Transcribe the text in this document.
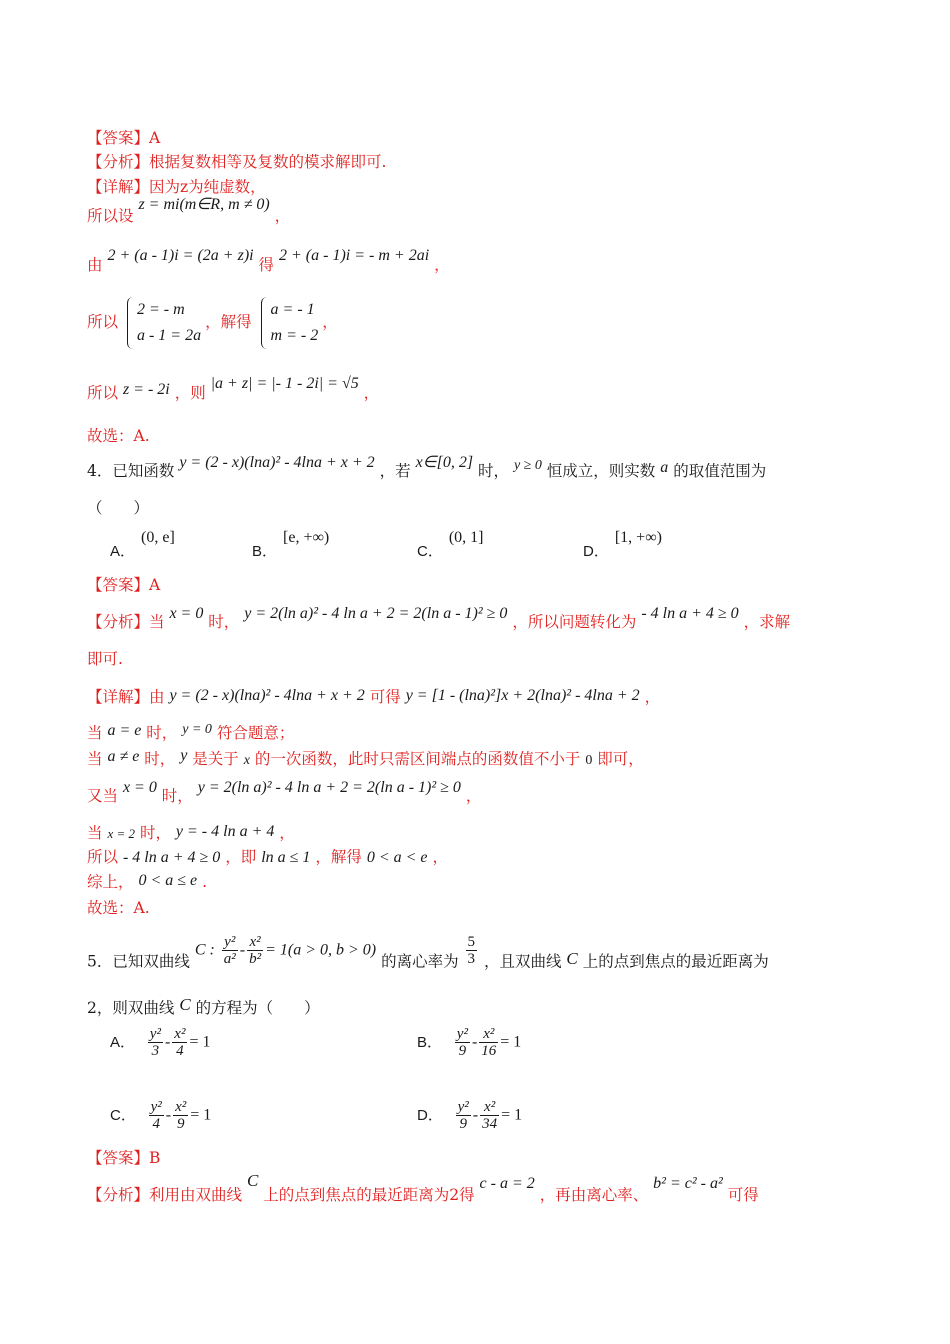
【答案】A
【分析】根据复数相等及复数的模求解即可.
【详解】因为z为纯虚数，
所以设 z = mi(m∈R, m ≠ 0) ，
由 2 + (a - 1)i = (2a + z)i 得 2 + (a - 1)i = - m + 2ai ，
所以
2 = - m
a - 1 = 2a
，解得
a = - 1
m = - 2
，
所以 z = - 2i ，则 |a + z| = |- 1 - 2i| = √5 ，
故选：A.
4．已知函数 y = (2 - x)(lna)² - 4lna + x + 2 ，若 x∈[0, 2] 时， y ≥ 0 恒成立，则实数 a 的取值范围为
（　　）
A．(0, e]
B．[e, +∞)
C．(0, 1]
D．[1, +∞)
【答案】A
【分析】当 x = 0 时， y = 2(ln a)² - 4 ln a + 2 = 2(ln a - 1)² ≥ 0 ，所以问题转化为 - 4 ln a + 4 ≥ 0 ，求解
即可.
【详解】由 y = (2 - x)(lna)² - 4lna + x + 2 可得 y = [1 - (lna)²]x + 2(lna)² - 4lna + 2 ，
当 a = e 时， y = 0 符合题意；
当 a ≠ e 时， y 是关于 x 的一次函数，此时只需区间端点的函数值不小于 0 即可，
又当 x = 0 时， y = 2(ln a)² - 4 ln a + 2 = 2(ln a - 1)² ≥ 0 ，
当 x = 2 时， y = - 4 ln a + 4 ，
所以 - 4 ln a + 4 ≥ 0 ，即 ln a ≤ 1 ，解得 0 < a < e ，
综上， 0 < a ≤ e .
故选：A.
5．已知双曲线 C : $\frac{\text{y²}}{\text{a²}} - \frac{\text{x²}}{\text{b²}} = 1(a > 0$, b > 0) 的离心率为 $\frac{5}{3}$ ，且双曲线 C 上的点到焦点的最近距离为
2，则双曲线 C 的方程为（　　）
A． $\frac{\text{y²}}{3} - \frac{\text{x²}}{4} = 1$	B． $\frac{\text{y²}}{9} - \frac{\text{x²}}{16} = 1$
C． $\frac{\text{y²}}{4} - \frac{\text{x²}}{9} = 1$	D． $\frac{\text{y²}}{9} - \frac{\text{x²}}{34} = 1$
【答案】B
【分析】利用由双曲线 C 上的点到焦点的最近距离为2得 c - a = 2 ，再由离心率、 b² = c² - a² 可得
